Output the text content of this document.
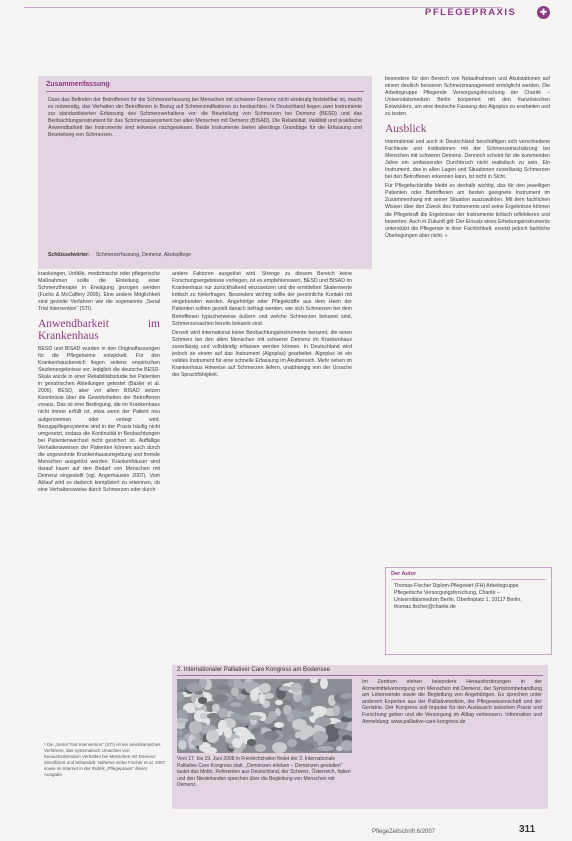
PFLEGEPRAXIS	✚
Zusammenfassung
Dass das Befinden der Betroffenen für die Schmerzerfassung bei Menschen mit schwerer Demenz nicht eindeutig feststellbar ist, macht es notwendig, das Verhalten der Betroffenen in Bezug auf Schmerzindikatoren zu beobachten. In Deutschland liegen zwei Instrumente zur standardisierten Erfassung des Schmerzverhaltens vor: die Beurteilung von Schmerzen bei Demenz (BESD) und das Beobachtungsinstrument für das Schmerzassessment bei alten Menschen mit Demenz (BISAD). Die Reliabilität, Validität und praktische Anwendbarkeit der Instrumente sind teilweise nachgewiesen. Beide Instrumente bieten allerdings Grundlage für die Erfassung und Beurteilung von Schmerzen.
Schlüsselwörter: Schmerzerfassung, Demenz, Akutspflege

krankungen, Unfälle, medizinische oder pflegerische Maßnahmen sollte die Einleitung einer Schmerztherapie in Erwägung gezogen werden (Fuchs & McCaffery 2005). Eine andere Möglichkeit sind gezielte Verfahren wie die sogenannte „Serial Trial Intervention“ (STI).

Anwendbarkeit im Krankenhaus

BESD und BISAD wurden in den Originalfassungen für die Pflegeheime entwickelt. Für den Krankenhausbereich liegen seitens empirischen Studienergebnisse vor, lediglich die deutsche BESD-Skala wurde in einer Reliabilitätsstudie bei Patienten in geriatrischen Abteilungen getestet (Basler et al. 2006). BESD, aber vor allem BISAD setzen Kenntnisse über die Gewohnheiten der Betroffenen voraus. Das ist eine Bedingung, die im Krankenhaus nicht immer erfüllt ist, etwa wenn der Patient neu aufgenommen oder verlegt wird. Bezugspflegesysteme sind in der Praxis häufig nicht umgesetzt, sodass die Kontinuität in Beobachtungen bei Patientenwechsel nicht gesichert ist. Auffällige Verhaltensweisen der Patienten können auch durch die ungewohnte Krankenhausumgebung und fremde Menschen ausgelöst werden. Krankenhäuser sind darauf kaum auf den Bedarf von Menschen mit Demenz eingestellt (vgl. Angerhausen 2007). Vom Ablauf wird es dadurch kompliziert zu erkennen, ob eine Verhaltensweise durch Schmerzen oder durch

andere Faktoren ausgelöst wird. Strenge zu diesem Bereich keine Forschungsergebnisse vorliegen, ist es empfehlenswert, BESD und BISAD im Krankenhaus nur zurückhaltend einzusetzen und die ermittelten Skalenwerte kritisch zu hinterfragen. Besonders wichtig sollte der persönliche Kontakt mit eingebunden werden. Angehörige oder Pflegekräfte aus dem Heim der Patienten sollten gezielt danach befragt werden, wie sich Schmerzen bei dem Betroffenen typischerweise äußern und welche Schmerzen bekannt sind, Schmerzursachen bereits bekannt sind.

Derzeit wird international keine Beobachtungsinstrumente benannt, die einen Schmerz bei den alten Menschen mit schwerer Demenz im Krankenhaus zuverlässig und vollständig erfassen werden können. In Deutschland wird jedoch an einem auf das Instrument (Algoplus) gearbeitet. Algoplus ist ein valides Instrument für eine schnelle Erfassung im Akutbereich. Mehr sehen im Krankenhaus Hinweise auf Schmerzen liefern, unabhängig von der Ursache der Sprachfähigkeit.

besondere für den Bereich von Notaufnahmen und Akutstationen auf einem deutlich besseren Schmerzmanagement ermöglicht werden. Die Arbeitsgruppe Pflegende Versorgungsforschung der Charité – Universitätsmedizin Berlin kooperiert mit den französischen Entwicklern, um eine deutsche Fassung des Algoplus zu erarbeiten und zu testen.

Ausblick

International und auch in Deutschland beschäftigen sich verschiedene Fachleute und Institutionen mit der Schmerzeinschätzung bei Menschen mit schwerer Demenz. Dennoch scheint für die kommenden Jahre ein umfassender Durchbruch nicht realistisch zu sein. Ein Instrument, das in allen Lagen und Situationen zuverlässig Schmerzen bei den Betroffenen erkennen kann, ist nicht in Sicht.

Für Pflegefachkräfte bleibt es deshalb wichtig, das für den jeweiligen Patienten oder Betroffenen am besten geeignete Instrument im Zusammenhang mit seiner Situation auszuwählen. Mit dem fachlichen Wissen über den Zweck des Instruments und seine Ergebnisse können die Pflegekraft die Ergebnisse der Instrumente kritisch reflektieren und bewerten. Auch in Zukunft gilt: Der Einsatz eines Erhebungsinstruments unterstützt die Pflegende in ihrer Fachlichkeit, ersetzt jedoch fachliche Überlegungen aber nicht. «

Der Autor
Thomas Fischer Diplom-Pflegewirt (FH) Arbeitsgruppe Pflegerische Versorgungsforschung, Charité – Universitätsmedizin Berlin, Oberlinplatz 1, 10117 Berlin, thomas.fischer@charite.de
¹ Die „Serial Trial Intervention“ (STI) ist ein amerikanisches Verfahren, das systematisch Ursachen von herausforderndem Verhalten bei Menschen mit Demenz identifiziert und behandelt. Näheres siehe Fischer et al. 2007 sowie im Internet in der Rubrik „Pflegepraxis“ dieser Ausgabe.
2. Internationaler Palliativer Care Kongress am Bodensee
Vom 17. bis 19. Juni 2008 in Friedrichshafen findet der 2. Internationale Palliative Care Kongress statt. „Demenzen erleben – Demenzen gestalten“ lautet das Motto. Referenten aus Deutschland, der Schweiz, Österreich, Italien und den Niederlanden sprechen über die Begleitung von Menschen mit Demenz.
Im Zentrum stehen besondere Herausforderungen in der Arzneimittelversorgung von Menschen mit Demenz, der Symptombehandlung am Lebensende sowie die Begleitung von Angehörigen. Es sprechen unter anderem Experten aus der Palliativmedizin, der Pflegewissenschaft und der Geriatrie. Der Kongress soll Impulse für den Austausch zwischen Praxis und Forschung geben und die Versorgung im Alltag verbessern. Information und Anmeldung: www.palliative-care-kongress.de
PflegeZeitschrift 6/2007	311
